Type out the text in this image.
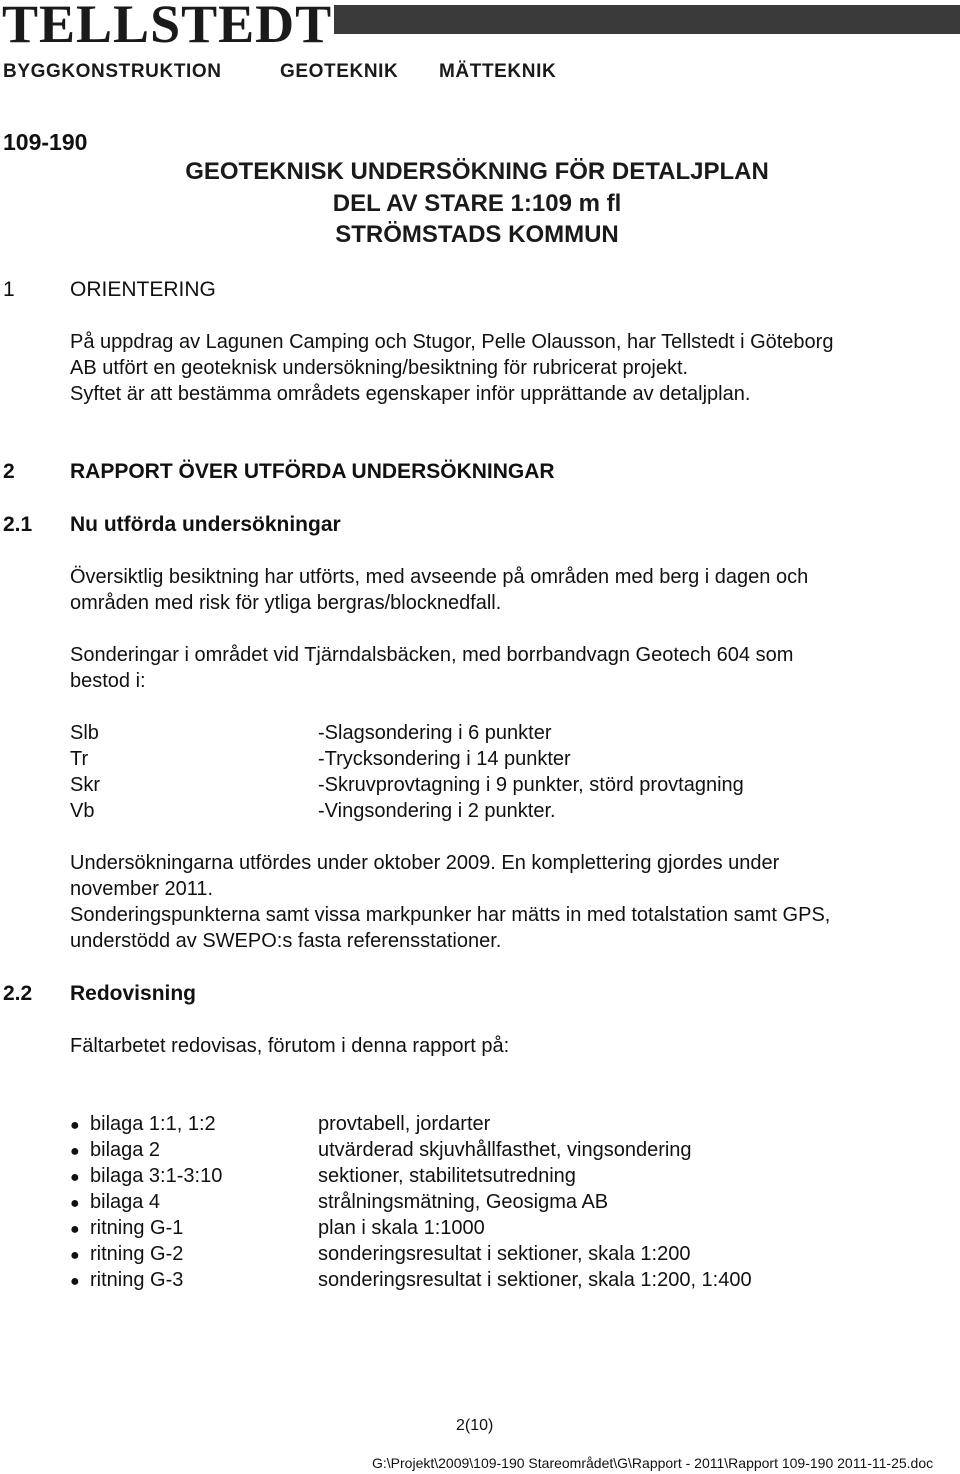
TELLSTEDT
BYGGKONSTRUKTION	GEOTEKNIK MÄTTEKNIK
109-190
GEOTEKNISK UNDERSÖKNING FÖR DETALJPLAN
DEL AV STARE 1:109 m fl
STRÖMSTADS KOMMUN
1	ORIENTERING
På uppdrag av Lagunen Camping och Stugor, Pelle Olausson, har Tellstedt i Göteborg
AB utfört en geoteknisk undersökning/besiktning för rubricerat projekt.
Syftet är att bestämma områdets egenskaper inför upprättande av detaljplan.
2	RAPPORT ÖVER UTFÖRDA UNDERSÖKNINGAR
2.1 Nu utförda undersökningar
Översiktlig besiktning har utförts, med avseende på områden med berg i dagen och
områden med risk för ytliga bergras/blocknedfall.
Sonderingar i området vid Tjärndalsbäcken, med borrbandvagn Geotech 604 som
bestod i:
Slb	-Slagsondering i 6 punkter
Tr	-Trycksondering i 14 punkter
Skr	-Skruvprovtagning i 9 punkter, störd provtagning
Vb	-Vingsondering i 2 punkter.
Undersökningarna utfördes under oktober 2009. En komplettering gjordes under
november 2011.
Sonderingspunkterna samt vissa markpunker har mätts in med totalstation samt GPS,
understödd av SWEPO:s fasta referensstationer.
2.2 Redovisning
Fältarbetet redovisas, förutom i denna rapport på:
● bilaga 1:1, 1:2	provtabell, jordarter
● bilaga 2	utvärderad skjuvhållfasthet, vingsondering
● bilaga 3:1-3:10	sektioner, stabilitetsutredning
● bilaga 4	strålningsmätning, Geosigma AB
● ritning G-1	plan i skala 1:1000
● ritning G-2	sonderingsresultat i sektioner, skala 1:200
● ritning G-3	sonderingsresultat i sektioner, skala 1:200, 1:400
2(10)
G:\Projekt\2009\109-190 Stareområdet\G\Rapport - 2011\Rapport 109-190 2011-11-25.doc
